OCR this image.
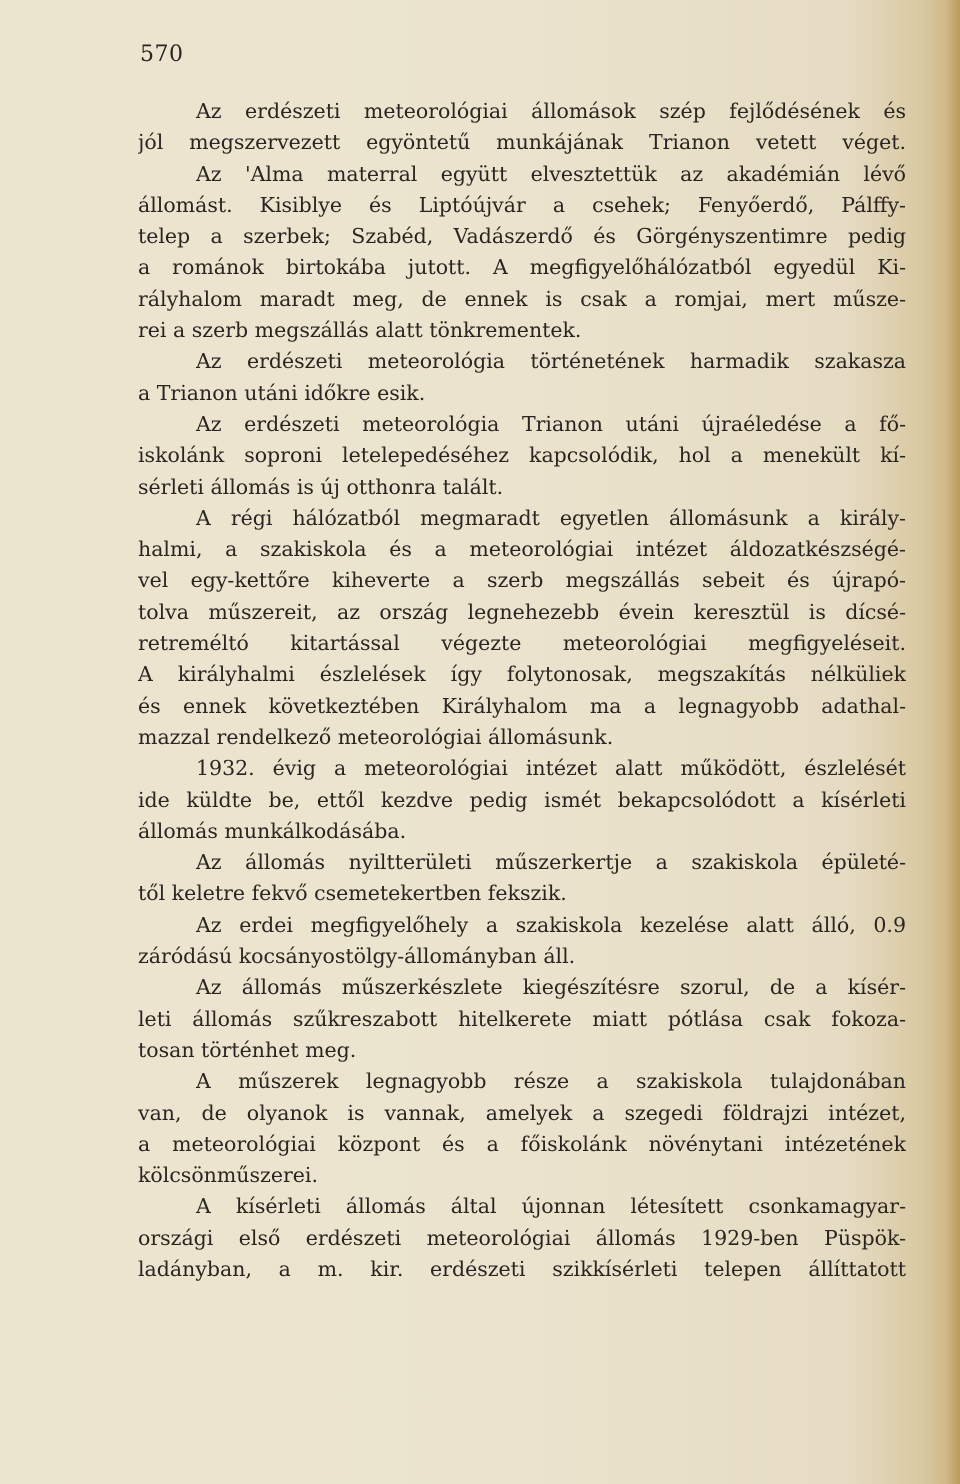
570
Az erdészeti meteorológiai állomások szép fejlődésének és
jól megszervezett egyöntetű munkájának Trianon vetett véget.
Az 'Alma materral együtt elvesztettük az akadémián lévő
állomást. Kisiblye és Liptóújvár a csehek; Fenyőerdő, Pálffy-
telep a szerbek; Szabéd, Vadászerdő és Görgényszentimre pedig
a románok birtokába jutott. A megfigyelőhálózatból egyedül Ki-
rályhalom maradt meg, de ennek is csak a romjai, mert műsze-
rei a szerb megszállás alatt tönkrementek.
Az erdészeti meteorológia történetének harmadik szakasza
a Trianon utáni időkre esik.
Az erdészeti meteorológia Trianon utáni újraéledése a fő-
iskolánk soproni letelepedéséhez kapcsolódik, hol a menekült kí-
sérleti állomás is új otthonra talált.
A régi hálózatból megmaradt egyetlen állomásunk a király-
halmi, a szakiskola és a meteorológiai intézet áldozatkészségé-
vel egy-kettőre kiheverte a szerb megszállás sebeit és újrapó-
tolva műszereit, az ország legnehezebb évein keresztül is dícsé-
retreméltó kitartással végezte meteorológiai megfigyeléseit.
A királyhalmi észlelések így folytonosak, megszakítás nélküliek
és ennek következtében Királyhalom ma a legnagyobb adathal-
mazzal rendelkező meteorológiai állomásunk.
1932. évig a meteorológiai intézet alatt működött, észlelését
ide küldte be, ettől kezdve pedig ismét bekapcsolódott a kísérleti
állomás munkálkodásába.
Az állomás nyiltterületi műszerkertje a szakiskola épületé-
től keletre fekvő csemetekertben fekszik.
Az erdei megfigyelőhely a szakiskola kezelése alatt álló, 0.9
záródású kocsányostölgy-állományban áll.
Az állomás műszerkészlete kiegészítésre szorul, de a kísér-
leti állomás szűkreszabott hitelkerete miatt pótlása csak fokoza-
tosan történhet meg.
A műszerek legnagyobb része a szakiskola tulajdonában
van, de olyanok is vannak, amelyek a szegedi földrajzi intézet,
a meteorológiai központ és a főiskolánk növénytani intézetének
kölcsönműszerei.
A kísérleti állomás által újonnan létesített csonkamagyar-
országi első erdészeti meteorológiai állomás 1929-ben Püspök-
ladányban, a m. kir. erdészeti szikkísérleti telepen állíttatott
